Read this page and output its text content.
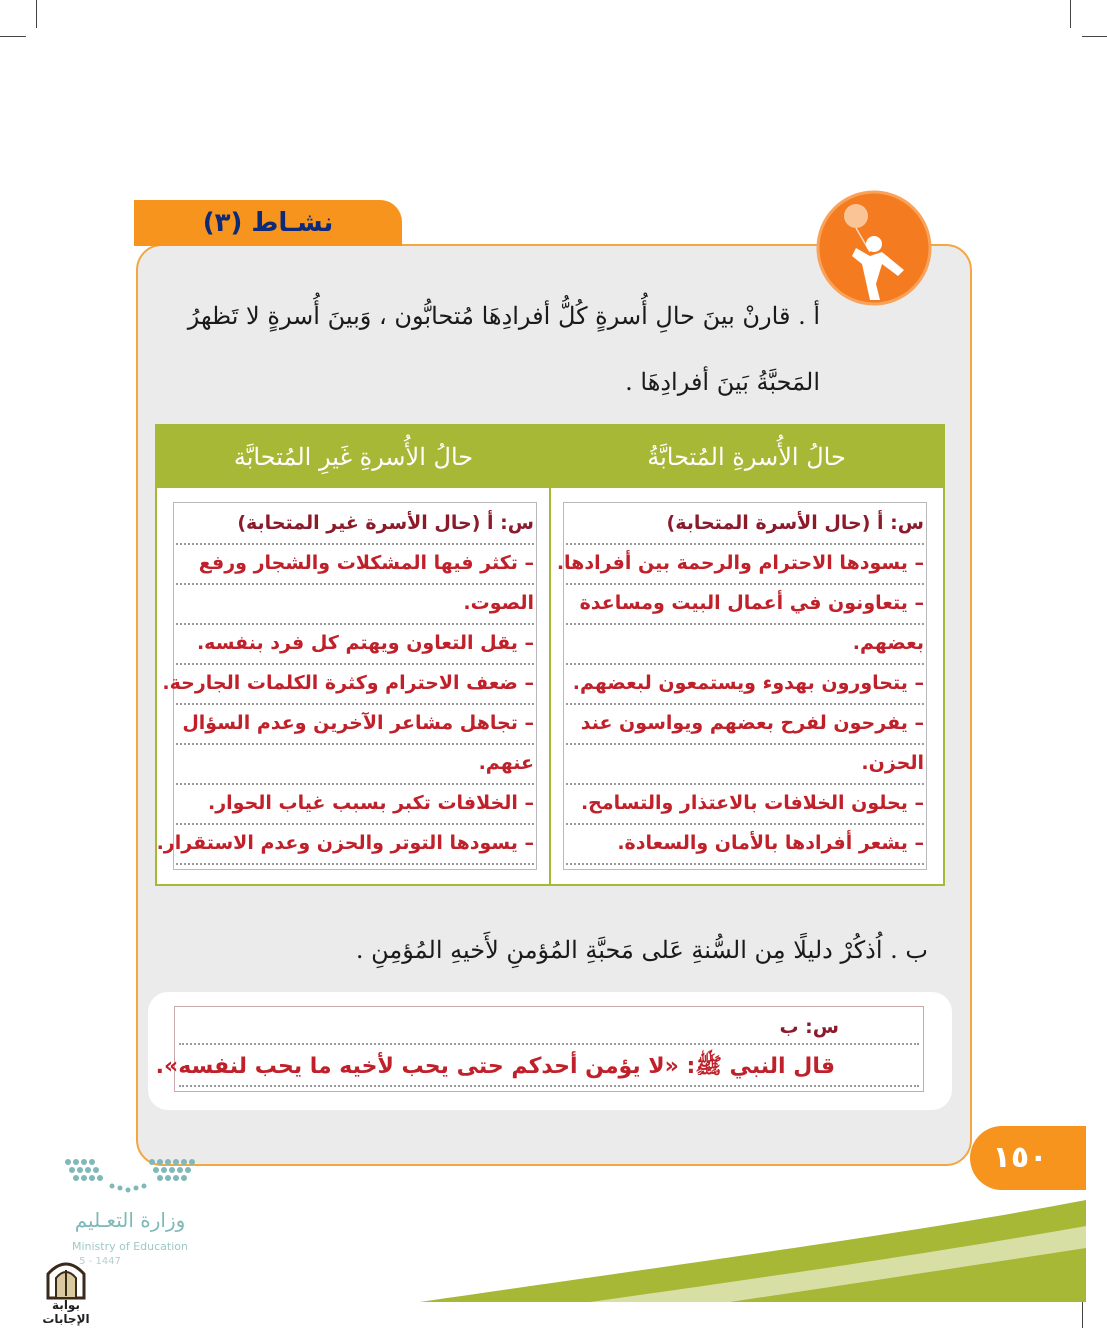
نشـاط (٣)
أ . قارنْ بينَ حالِ أُسرةٍ كُلُّ أفرادِهَا مُتحابُّون ، وَبينَ أُسرةٍ لا تَظهرُ
المَحبَّةُ بَينَ أفرادِهَا .
حالُ الأُسرةِ المُتحابَّةُ
حالُ الأُسرةِ غَيرِ المُتحابَّة
س: أ (حال الأسرة المتحابة)
– يسودها الاحترام والرحمة بين أفرادها.
– يتعاونون في أعمال البيت ومساعدة
بعضهم.
– يتحاورون بهدوء ويستمعون لبعضهم.
– يفرحون لفرح بعضهم ويواسون عند
الحزن.
– يحلون الخلافات بالاعتذار والتسامح.
– يشعر أفرادها بالأمان والسعادة.
س: أ (حال الأسرة غير المتحابة)
– تكثر فيها المشكلات والشجار ورفع
الصوت.
– يقل التعاون ويهتم كل فرد بنفسه.
– ضعف الاحترام وكثرة الكلمات الجارحة.
– تجاهل مشاعر الآخرين وعدم السؤال
عنهم.
– الخلافات تكبر بسبب غياب الحوار.
– يسودها التوتر والحزن وعدم الاستقرار.
ب . اُذكُرْ دليلًا مِن السُّنةِ عَلى مَحبَّةِ المُؤمنِ لأَخيهِ المُؤمِنِ .
س: ب
قال النبي ﷺ: «لا يؤمن أحدكم حتى يحب لأخيه ما يحب لنفسه».
١٥٠
وزارة التعـليم
Ministry of Education
5 - 1447
بوابة الإجابات
